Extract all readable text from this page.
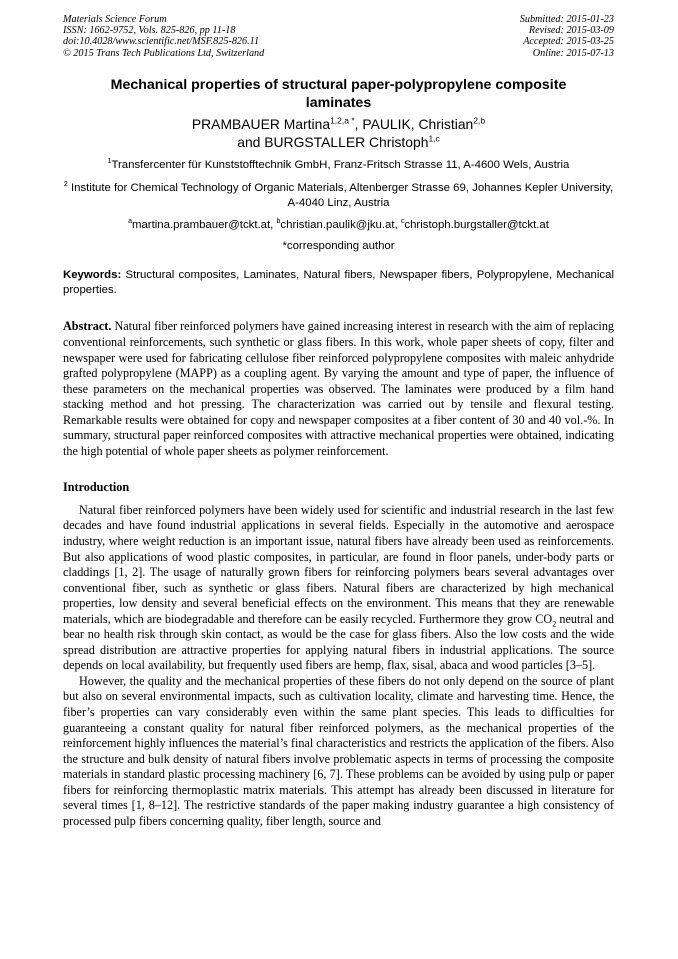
Materials Science Forum
ISSN: 1662-9752, Vols. 825-826, pp 11-18
doi:10.4028/www.scientific.net/MSF.825-826.11
© 2015 Trans Tech Publications Ltd, Switzerland
Submitted: 2015-01-23
Revised: 2015-03-09
Accepted: 2015-03-25
Online: 2015-07-13
Mechanical properties of structural paper-polypropylene composite laminates
PRAMBAUER Martina$^{1,2,a *}$, PAULIK, Christian$^{2,b}$
and BURGSTALLER Christoph$^{1,c}$
$^1$Transfercenter für Kunststofftechnik GmbH, Franz-Fritsch Strasse 11, A-4600 Wels, Austria
$^2$ Institute for Chemical Technology of Organic Materials, Altenberger Strasse 69, Johannes Kepler University, A-4040 Linz, Austria
$^a$martina.prambauer@tckt.at, $^b$christian.paulik@jku.at, $^c$christoph.burgstaller@tckt.at
*corresponding author
Keywords: Structural composites, Laminates, Natural fibers, Newspaper fibers, Polypropylene, Mechanical properties.
Abstract. Natural fiber reinforced polymers have gained increasing interest in research with the aim of replacing conventional reinforcements, such synthetic or glass fibers. In this work, whole paper sheets of copy, filter and newspaper were used for fabricating cellulose fiber reinforced polypropylene composites with maleic anhydride grafted polypropylene (MAPP) as a coupling agent. By varying the amount and type of paper, the influence of these parameters on the mechanical properties was observed. The laminates were produced by a film hand stacking method and hot pressing. The characterization was carried out by tensile and flexural testing. Remarkable results were obtained for copy and newspaper composites at a fiber content of 30 and 40 vol.-%. In summary, structural paper reinforced composites with attractive mechanical properties were obtained, indicating the high potential of whole paper sheets as polymer reinforcement.
Introduction
Natural fiber reinforced polymers have been widely used for scientific and industrial research in the last few decades and have found industrial applications in several fields. Especially in the automotive and aerospace industry, where weight reduction is an important issue, natural fibers have already been used as reinforcements. But also applications of wood plastic composites, in particular, are found in floor panels, under-body parts or claddings [1, 2]. The usage of naturally grown fibers for reinforcing polymers bears several advantages over conventional fiber, such as synthetic or glass fibers. Natural fibers are characterized by high mechanical properties, low density and several beneficial effects on the environment. This means that they are renewable materials, which are biodegradable and therefore can be easily recycled. Furthermore they grow $CO_2$ neutral and bear no health risk through skin contact, as would be the case for glass fibers. Also the low costs and the wide spread distribution are attractive properties for applying natural fibers in industrial applications. The source depends on local availability, but frequently used fibers are hemp, flax, sisal, abaca and wood particles [3–5].
However, the quality and the mechanical properties of these fibers do not only depend on the source of plant but also on several environmental impacts, such as cultivation locality, climate and harvesting time. Hence, the fiber’s properties can vary considerably even within the same plant species. This leads to difficulties for guaranteeing a constant quality for natural fiber reinforced polymers, as the mechanical properties of the reinforcement highly influences the material’s final characteristics and restricts the application of the fibers. Also the structure and bulk density of natural fibers involve problematic aspects in terms of processing the composite materials in standard plastic processing machinery [6, 7]. These problems can be avoided by using pulp or paper fibers for reinforcing thermoplastic matrix materials. This attempt has already been discussed in literature for several times [1, 8–12]. The restrictive standards of the paper making industry guarantee a high consistency of processed pulp fibers concerning quality, fiber length, source and
